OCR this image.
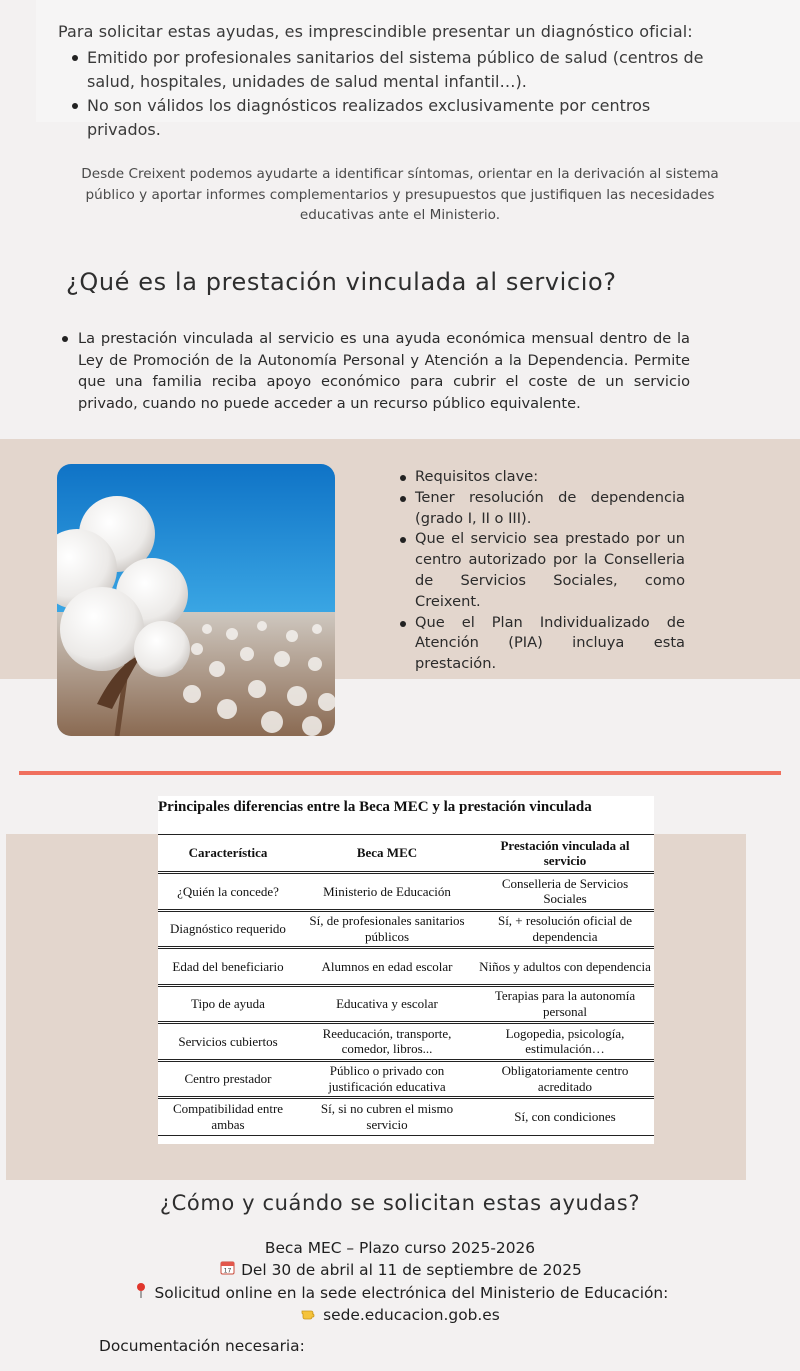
Para solicitar estas ayudas, es imprescindible presentar un diagnóstico oficial:
Emitido por profesionales sanitarios del sistema público de salud (centros de salud, hospitales, unidades de salud mental infantil…).
No son válidos los diagnósticos realizados exclusivamente por centros privados.
Desde Creixent podemos ayudarte a identificar síntomas, orientar en la derivación al sistema público y aportar informes complementarios y presupuestos que justifiquen las necesidades educativas ante el Ministerio.
¿Qué es la prestación vinculada al servicio?
La prestación vinculada al servicio es una ayuda económica mensual dentro de la Ley de Promoción de la Autonomía Personal y Atención a la Dependencia. Permite que una familia reciba apoyo económico para cubrir el coste de un servicio privado, cuando no puede acceder a un recurso público equivalente.
Requisitos clave:
Tener resolución de dependencia (grado I, II o III).
Que el servicio sea prestado por un centro autorizado por la Conselleria de Servicios Sociales, como Creixent.
Que el Plan Individualizado de Atención (PIA) incluya esta prestación.
Principales diferencias entre la Beca MEC y la prestación vinculada
Característica	Beca MEC	Prestación vinculada al servicio
¿Quién la concede?	Ministerio de Educación	Conselleria de Servicios Sociales
Diagnóstico requerido	Sí, de profesionales sanitarios públicos	Sí, + resolución oficial de dependencia
Edad del beneficiario	Alumnos en edad escolar	Niños y adultos con dependencia
Tipo de ayuda	Educativa y escolar	Terapias para la autonomía personal
Servicios cubiertos	Reeducación, transporte, comedor, libros...	Logopedia, psicología, estimulación…
Centro prestador	Público o privado con justificación educativa	Obligatoriamente centro acreditado
Compatibilidad entre ambas	Sí, si no cubren el mismo servicio	Sí, con condiciones
¿Cómo y cuándo se solicitan estas ayudas?
Beca MEC – Plazo curso 2025-2026
17 Del 30 de abril al 11 de septiembre de 2025
Solicitud online en la sede electrónica del Ministerio de Educación:
sede.educacion.gob.es
Documentación necesaria:
